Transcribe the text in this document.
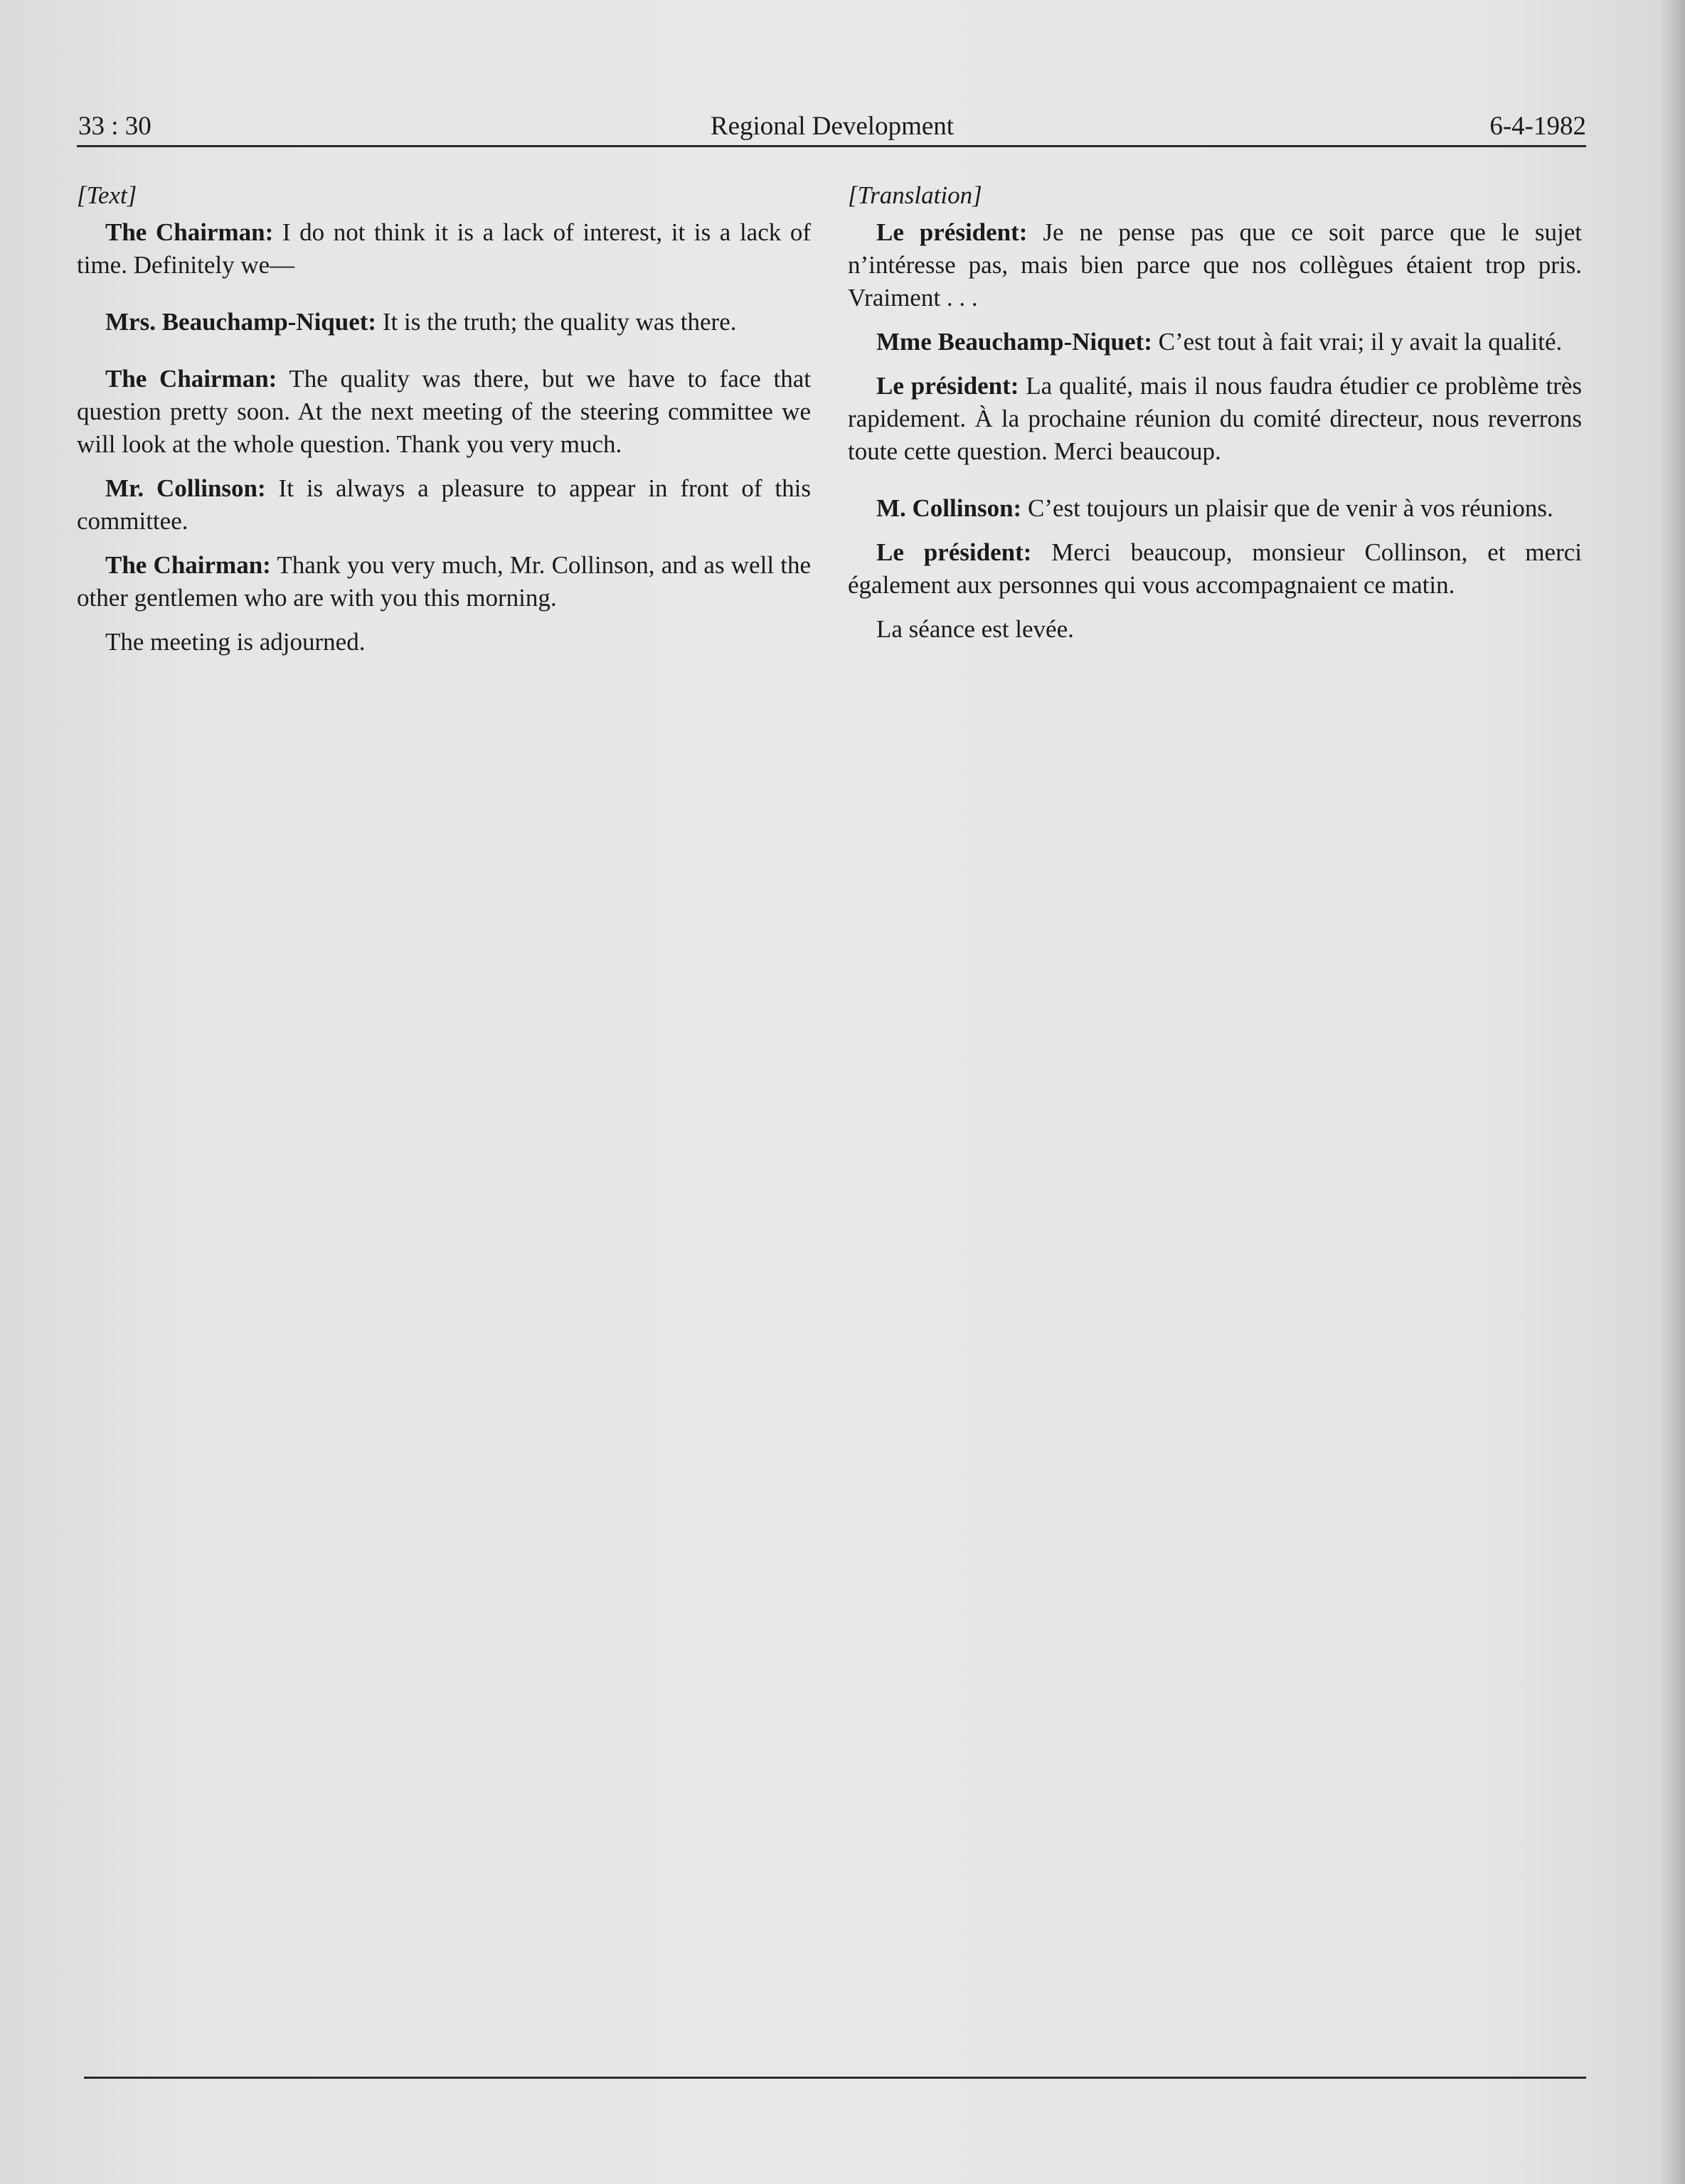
33 : 30	Regional Development	6-4-1982
[Text]

The Chairman: I do not think it is a lack of interest, it is a lack of time. Definitely we—

Mrs. Beauchamp-Niquet: It is the truth; the quality was there.

The Chairman: The quality was there, but we have to face that question pretty soon. At the next meeting of the steering committee we will look at the whole question. Thank you very much.

Mr. Collinson: It is always a pleasure to appear in front of this committee.

The Chairman: Thank you very much, Mr. Collinson, and as well the other gentlemen who are with you this morning.

The meeting is adjourned.

[Translation]

Le président: Je ne pense pas que ce soit parce que le sujet n’intéresse pas, mais bien parce que nos collègues étaient trop pris. Vraiment . . .

Mme Beauchamp-Niquet: C’est tout à fait vrai; il y avait la qualité.

Le président: La qualité, mais il nous faudra étudier ce problème très rapidement. À la prochaine réunion du comité directeur, nous reverrons toute cette question. Merci beaucoup.

M. Collinson: C’est toujours un plaisir que de venir à vos réunions.

Le président: Merci beaucoup, monsieur Collinson, et merci également aux personnes qui vous accompagnaient ce matin.

La séance est levée.
